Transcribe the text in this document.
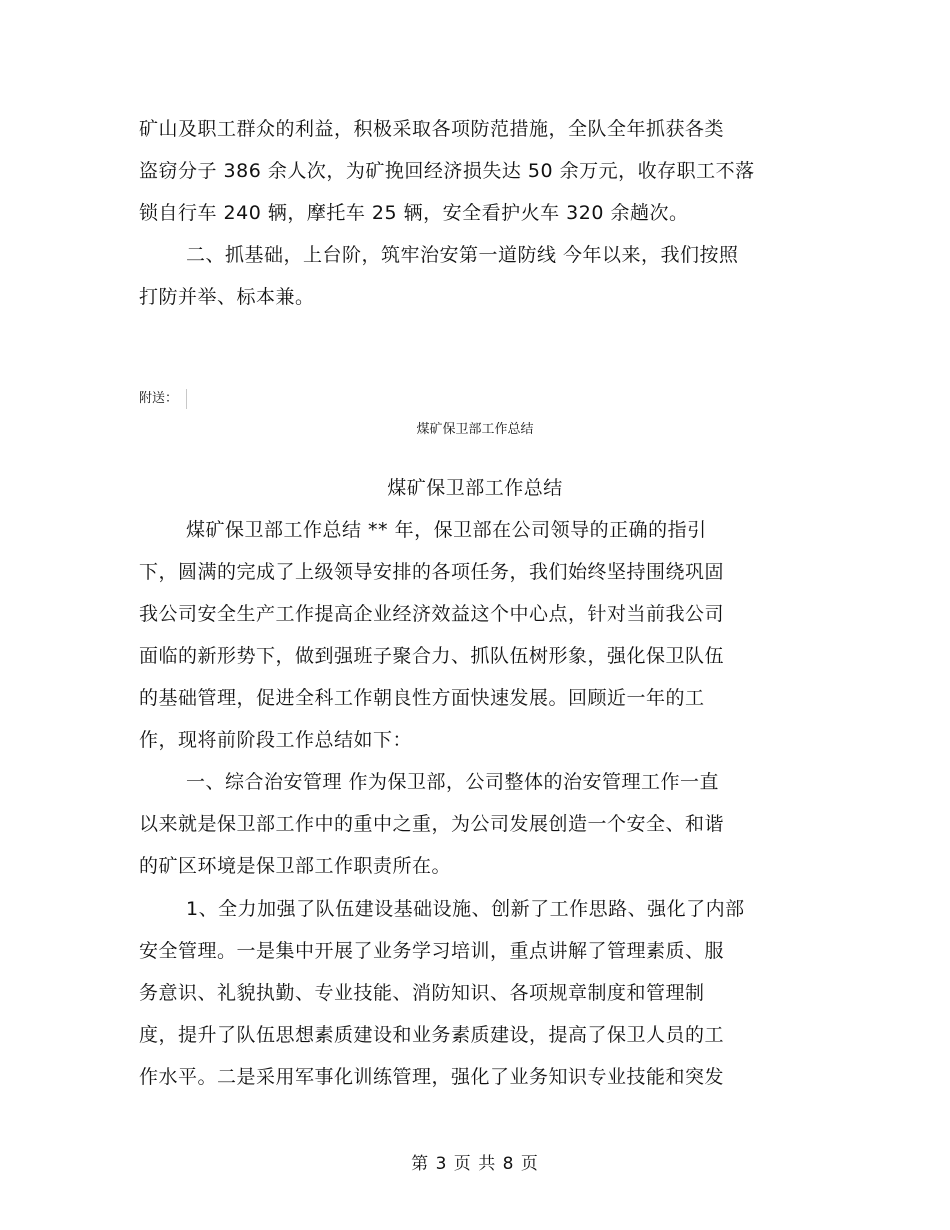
矿山及职工群众的利益，积极采取各项防范措施，全队全年抓获各类
盗窃分子 386 余人次，为矿挽回经济损失达 50 余万元，收存职工不落
锁自行车 240 辆，摩托车 25 辆，安全看护火车 320 余趟次。
二、抓基础，上台阶，筑牢治安第一道防线 今年以来，我们按照
打防并举、标本兼。
附送：
煤矿保卫部工作总结
煤矿保卫部工作总结
煤矿保卫部工作总结 ** 年，保卫部在公司领导的正确的指引
下，圆满的完成了上级领导安排的各项任务，我们始终坚持围绕巩固
我公司安全生产工作提高企业经济效益这个中心点，针对当前我公司
面临的新形势下，做到强班子聚合力、抓队伍树形象，强化保卫队伍
的基础管理，促进全科工作朝良性方面快速发展。回顾近一年的工
作，现将前阶段工作总结如下：
一、综合治安管理 作为保卫部，公司整体的治安管理工作一直
以来就是保卫部工作中的重中之重，为公司发展创造一个安全、和谐
的矿区环境是保卫部工作职责所在。
1、全力加强了队伍建设基础设施、创新了工作思路、强化了内部
安全管理。一是集中开展了业务学习培训，重点讲解了管理素质、服
务意识、礼貌执勤、专业技能、消防知识、各项规章制度和管理制
度，提升了队伍思想素质建设和业务素质建设，提高了保卫人员的工
作水平。二是采用军事化训练管理，强化了业务知识专业技能和突发
第 3 页 共 8 页
